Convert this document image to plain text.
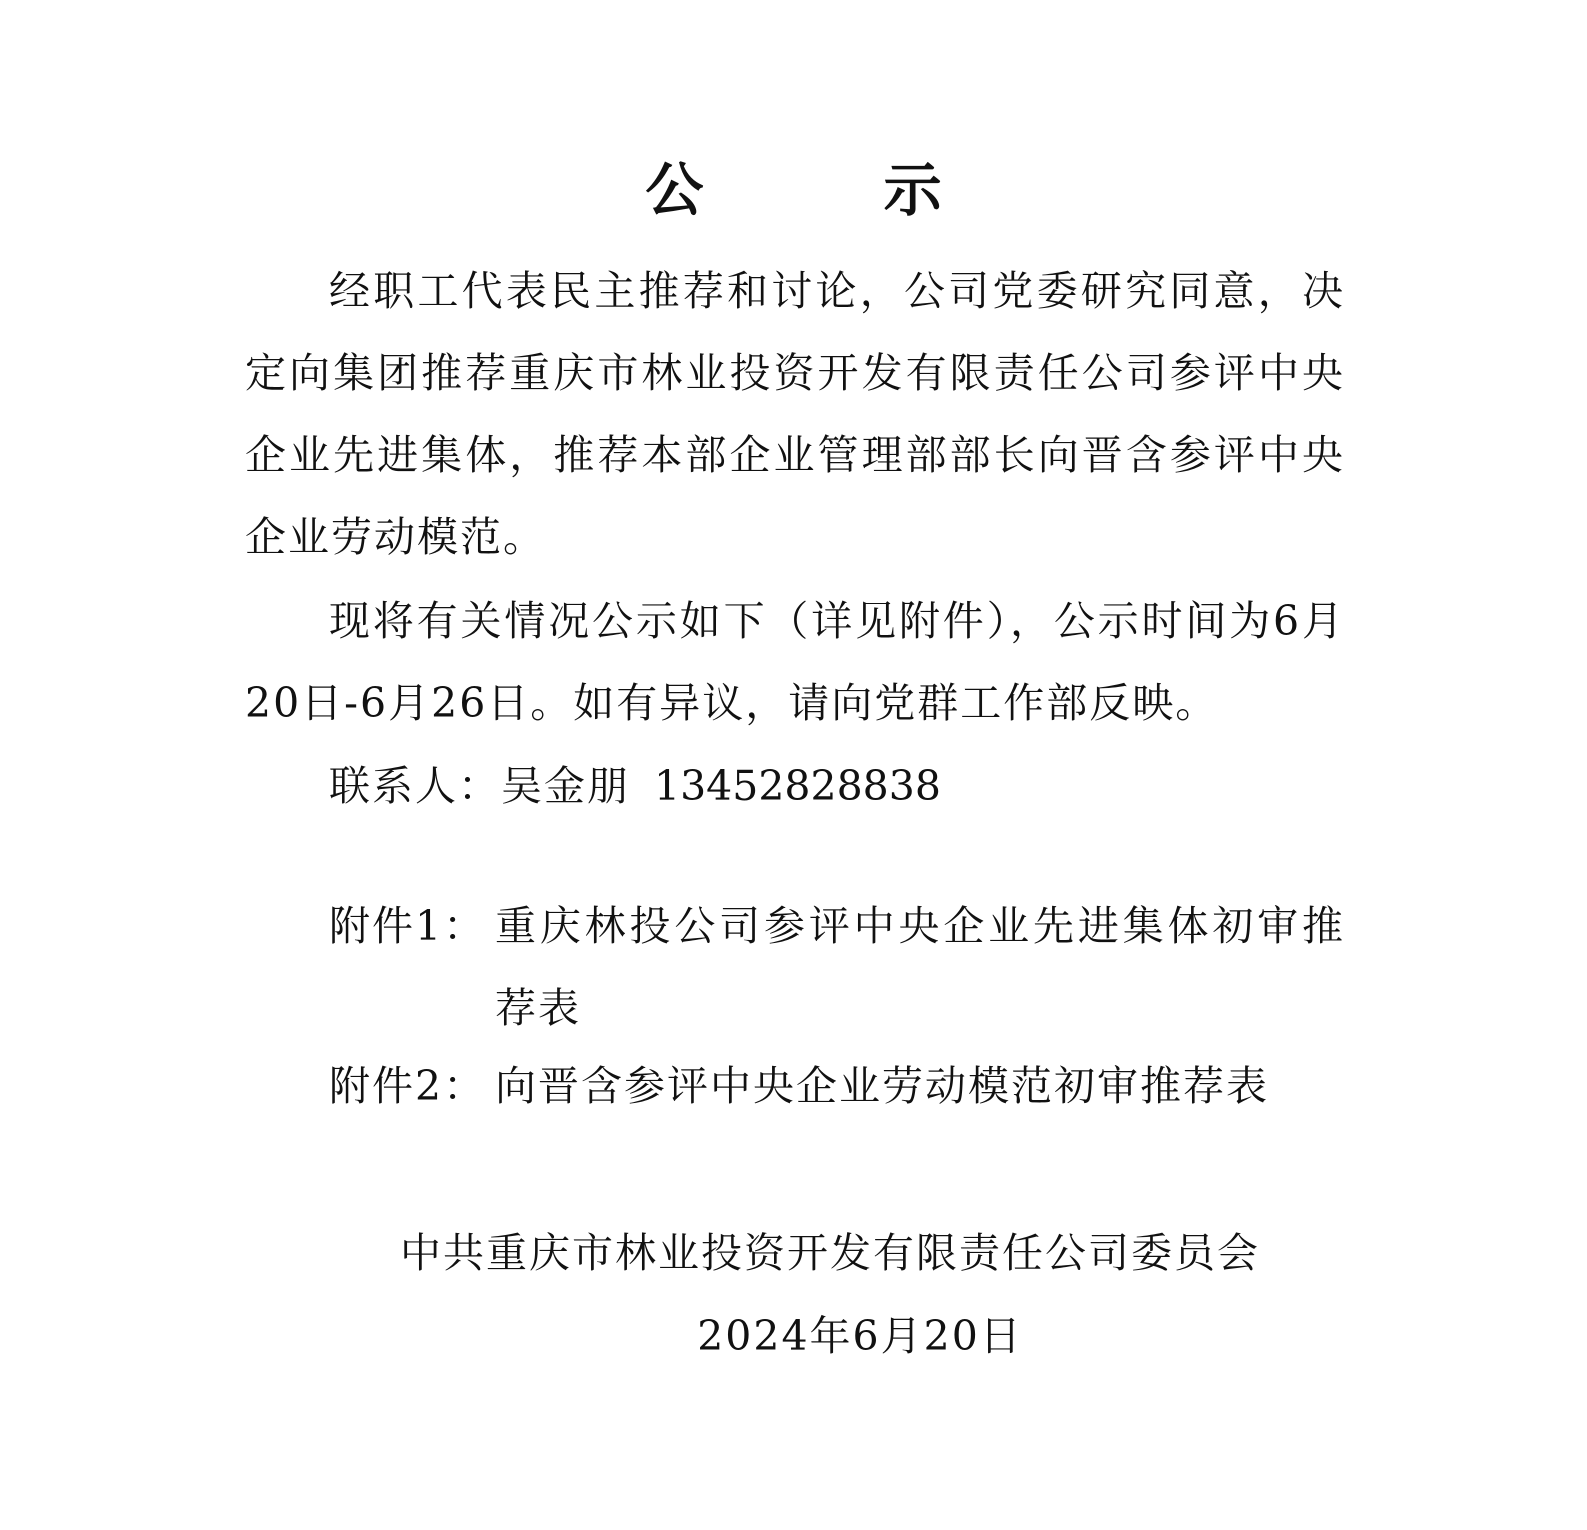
公 示
经职工代表民主推荐和讨论，公司党委研究同意，决定向集团推荐重庆市林业投资开发有限责任公司参评中央企业先进集体，推荐本部企业管理部部长向晋含参评中央企业劳动模范。
现将有关情况公示如下（详见附件），公示时间为6月20日-6月26日。如有异议，请向党群工作部反映。
联系人：吴金朋 13452828838
附件1： 重庆林投公司参评中央企业先进集体初审推荐表
附件2： 向晋含参评中央企业劳动模范初审推荐表
中共重庆市林业投资开发有限责任公司委员会
2024年6月20日
